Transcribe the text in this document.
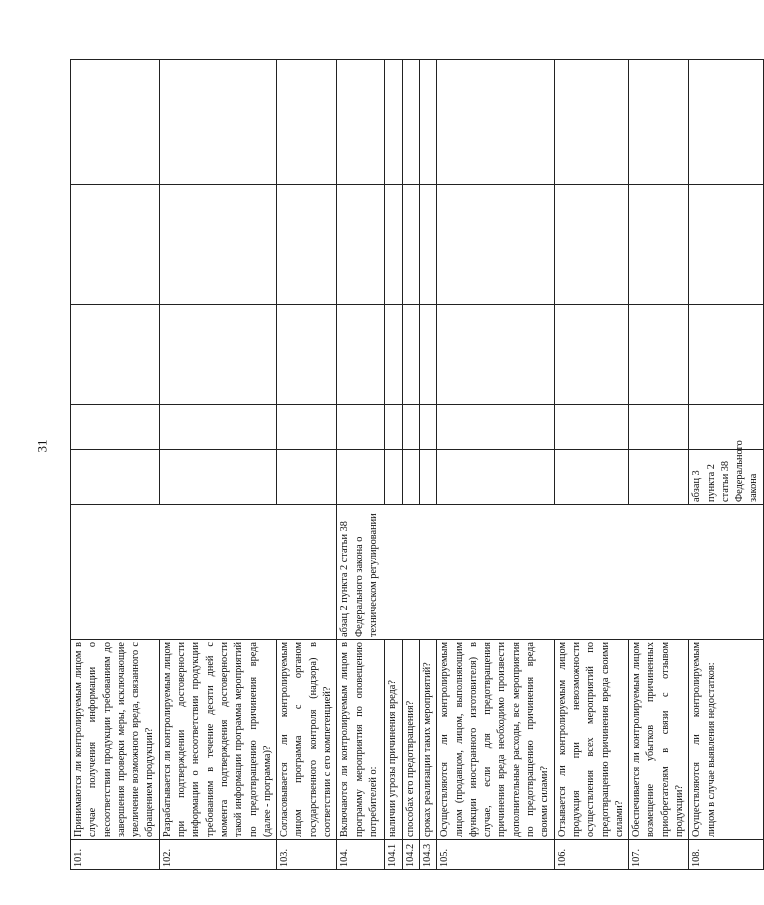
31
101.	Принимаются ли контролируемым лицом в случае получения информации о несоответствии продукции требованиям до завершения проверки меры, исключающие увеличение возможного вреда, связанного с обращением продукции?							
102.	Разрабатывается ли контролируемым лицом при подтверждении достоверности информации о несоответствии продукции требованиям в течение десяти дней с момента подтверждения достоверности такой информации программа мероприятий по предотвращению причинения вреда (далее - программа)?							
103.	Согласовывается ли контролируемым лицом программа с органом государственного контроля (надзора) в соответствии с его компетенцией?							
104.	Включаются ли контролируемым лицом в программу мероприятия по оповещению потребителей о:	абзац 2 пункта 2 статьи 38 Федерального закона о техническом регулировании						
104.1	наличии угрозы причинения вреда?							
104.2	способах его предотвращения?							
104.3	сроках реализации таких мероприятий?							
105.	Осуществляются ли контролируемым лицом (продавцом, лицом, выполняющим функции иностранного изготовителя) в случае, если для предотвращения причинения вреда необходимо произвести дополнительные расходы, все мероприятия по предотвращению причинения вреда своими силами?							
106.	Отзывается ли контролируемым лицом продукция при невозможности осуществления всех мероприятий по предотвращению причинения вреда своими силами?							
107.	Обеспечивается ли контролируемым лицом возмещение убытков причиненных приобретателям в связи с отзывом продукции?							
108.	Осуществляются ли контролируемым лицом в случае выявления недостатков:		абзац 3 пункта 2 статьи 38 Федерального закона					
